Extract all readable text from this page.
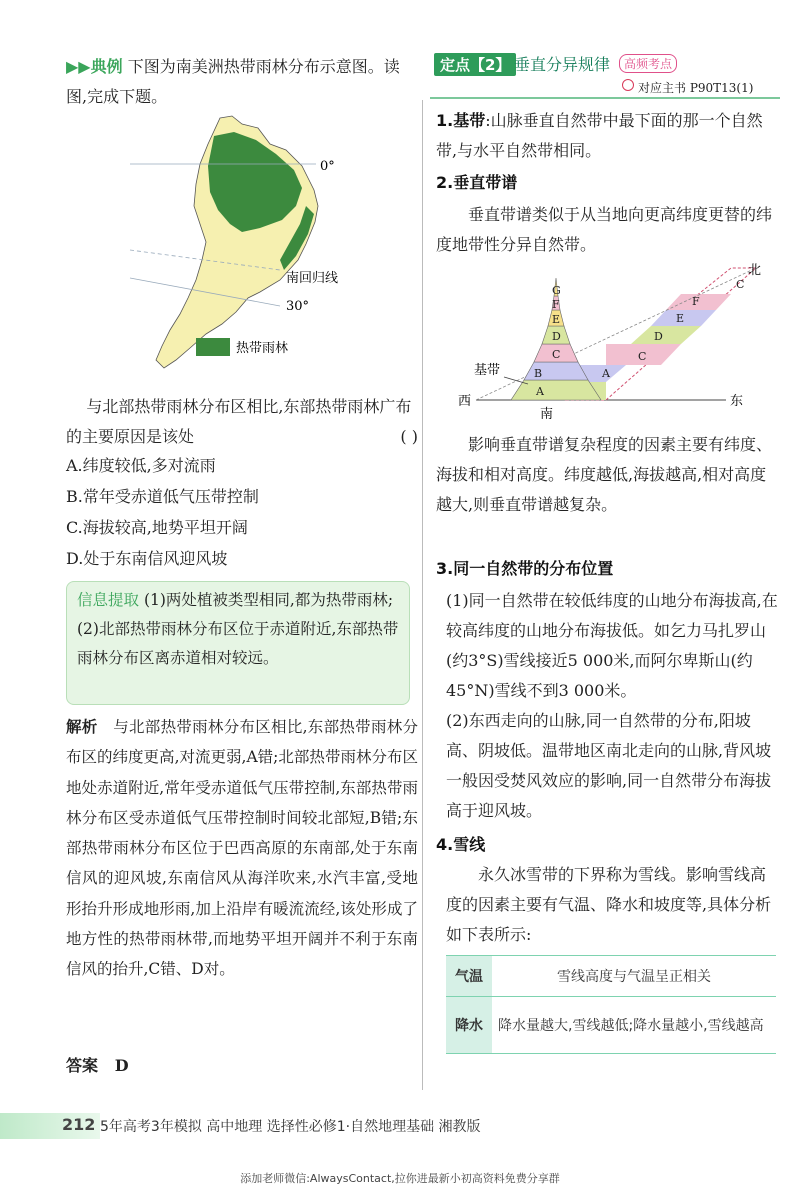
▶▶典例 下图为南美洲热带雨林分布示意图。读图,完成下题。
0°
南回归线
30°
热带雨林
与北部热带雨林分布区相比,东部热带雨林广布的主要原因是该处	( )
A.纬度较低,多对流雨
B.常年受赤道低气压带控制
C.海拔较高,地势平坦开阔
D.处于东南信风迎风坡
信息提取 (1)两处植被类型相同,都为热带雨林;(2)北部热带雨林分布区位于赤道附近,东部热带雨林分布区离赤道相对较远。
解析 与北部热带雨林分布区相比,东部热带雨林分布区的纬度更高,对流更弱,A错;北部热带雨林分布区地处赤道附近,常年受赤道低气压带控制,东部热带雨林分布区受赤道低气压带控制时间较北部短,B错;东部热带雨林分布区位于巴西高原的东南部,处于东南信风的迎风坡,东南信风从海洋吹来,水汽丰富,受地形抬升形成地形雨,加上沿岸有暖流流经,该处形成了地方性的热带雨林带,而地势平坦开阔并不利于东南信风的抬升,C错、D对。
答案 D
定点【2】 垂直分异规律	高频考点
对应主书 P90T13(1)
1.基带:山脉垂直自然带中最下面的那一个自然带,与水平自然带相同。
2.垂直带谱
垂直带谱类似于从当地向更高纬度更替的纬度地带性分异自然带。
A
B
C
D
E
F
G
A
C
D
E
F
C
北
基带
西	东
南
影响垂直带谱复杂程度的因素主要有纬度、海拔和相对高度。纬度越低,海拔越高,相对高度越大,则垂直带谱越复杂。
3.同一自然带的分布位置
(1)同一自然带在较低纬度的山地分布海拔高,在较高纬度的山地分布海拔低。如乞力马扎罗山(约3°S)雪线接近5 000米,而阿尔卑斯山(约45°N)雪线不到3 000米。
(2)东西走向的山脉,同一自然带的分布,阳坡高、阴坡低。温带地区南北走向的山脉,背风坡一般因受焚风效应的影响,同一自然带分布海拔高于迎风坡。
4.雪线
永久冰雪带的下界称为雪线。影响雪线高度的因素主要有气温、降水和坡度等,具体分析如下表所示:
气温	雪线高度与气温呈正相关
降水	降水量越大,雪线越低;降水量越小,雪线越高
212 5年高考3年模拟 高中地理 选择性必修1·自然地理基础 湘教版
添加老师微信:AlwaysContact,拉你进最新小初高资料免费分享群
